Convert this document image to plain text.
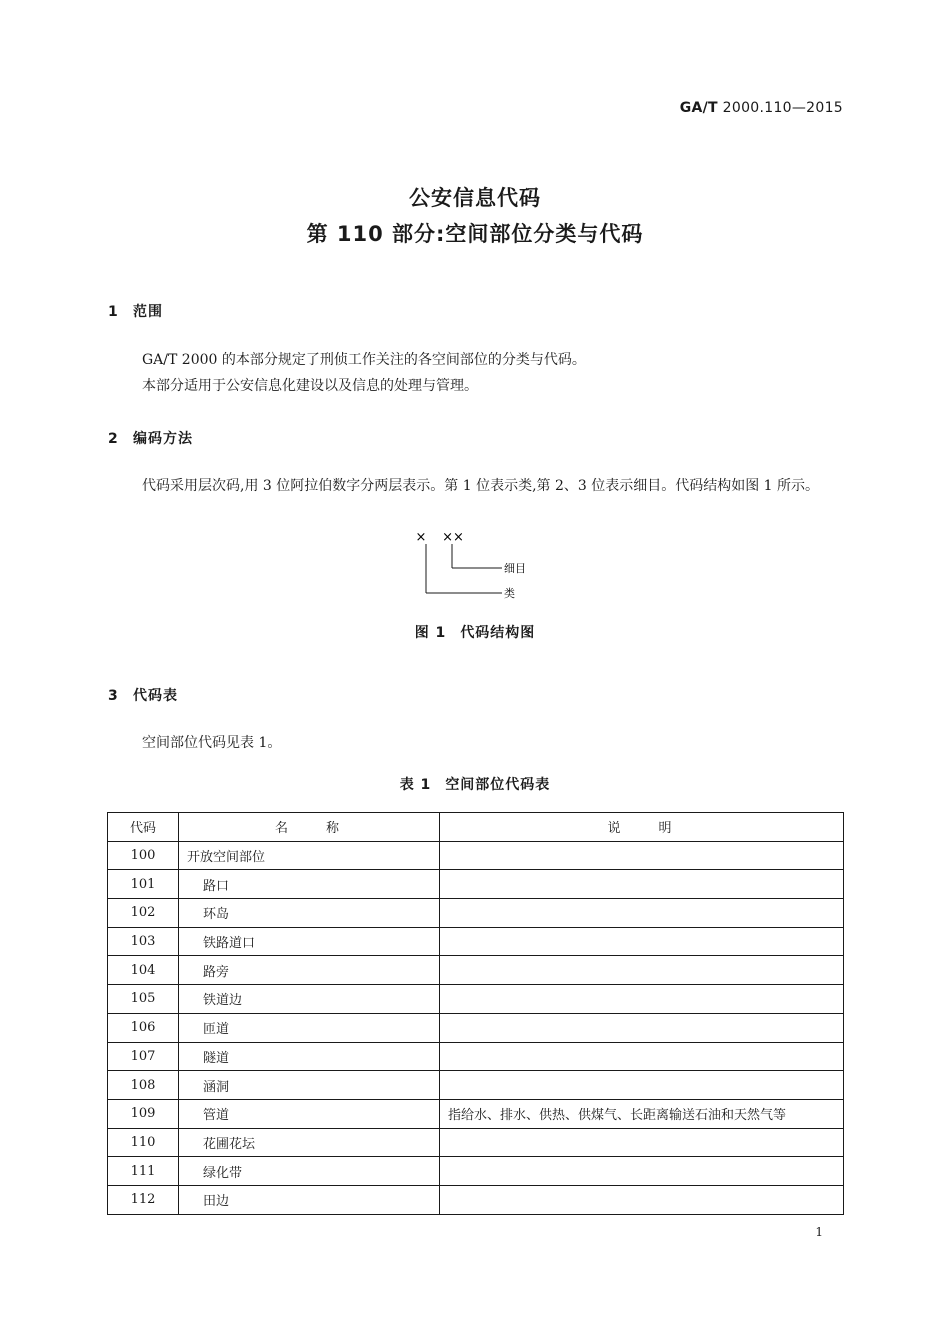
GA/T 2000.110—2015
公安信息代码
第 110 部分:空间部位分类与代码
1 范围
GA/T 2000 的本部分规定了刑侦工作关注的各空间部位的分类与代码。
本部分适用于公安信息化建设以及信息的处理与管理。
2 编码方法
代码采用层次码,用 3 位阿拉伯数字分两层表示。第 1 位表示类,第 2、3 位表示细目。代码结构如图 1 所示。
× ××
细目
类
图 1 代码结构图
3 代码表
空间部位代码见表 1。
表 1 空间部位代码表
代码	名　　称	说　　明
100	开放空间部位	
101	路口	
102	环岛	
103	铁路道口	
104	路旁	
105	铁道边	
106	匝道	
107	隧道	
108	涵洞	
109	管道	指给水、排水、供热、供煤气、长距离输送石油和天然气等
110	花圃花坛	
111	绿化带	
112	田边	
1
